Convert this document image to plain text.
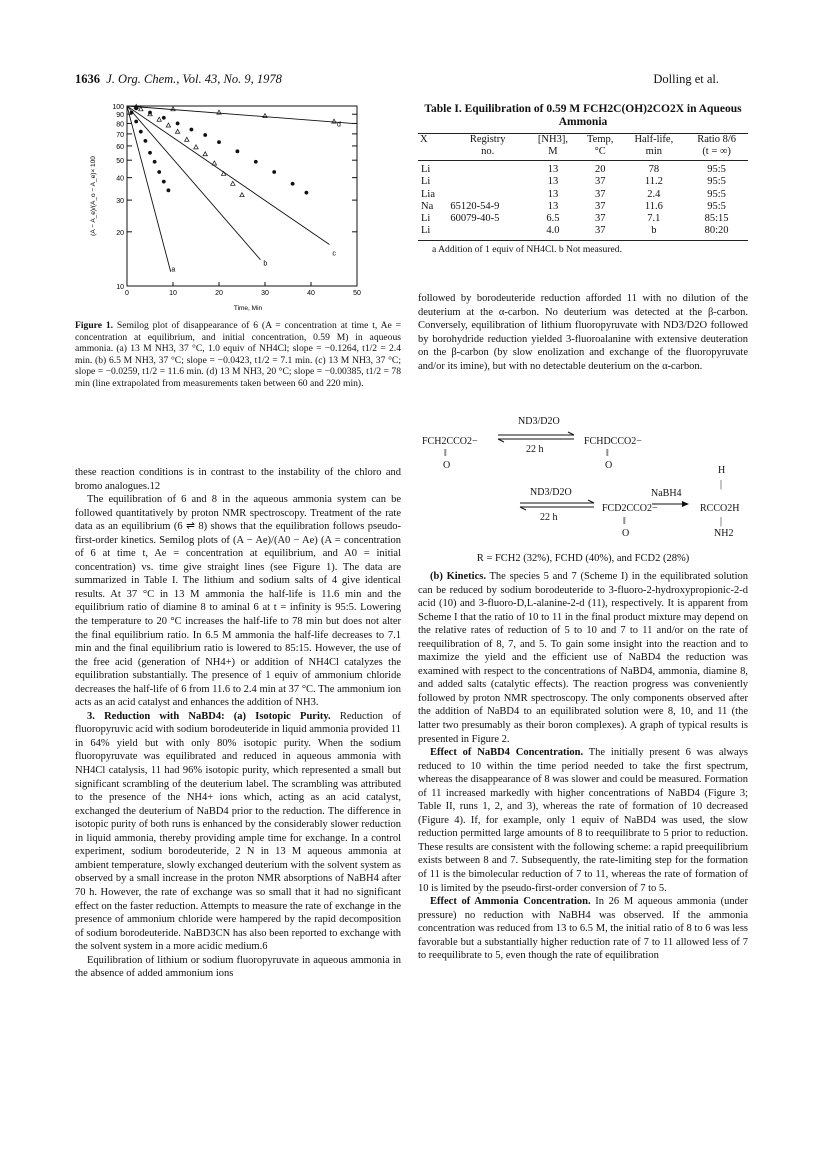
1636 J. Org. Chem., Vol. 43, No. 9, 1978	Dolling et al.
10
20
30
40
50
60
70
80
90
100
0	10	20	30	40	50
Time, Min
(A − A_e)/(A_o − A_e)× 100
a
b
c
d
Figure 1. Semilog plot of disappearance of 6 (A = concentration at time t, Ae = concentration at equilibrium, and initial concentration, 0.59 M) in aqueous ammonia. (a) 13 M NH3, 37 °C, 1.0 equiv of NH4Cl; slope = −0.1264, t1/2 = 2.4 min. (b) 6.5 M NH3, 37 °C; slope = −0.0423, t1/2 = 7.1 min. (c) 13 M NH3, 37 °C; slope = −0.0259, t1/2 = 11.6 min. (d) 13 M NH3, 20 °C; slope = −0.00385, t1/2 = 78 min (line extrapolated from measurements taken between 60 and 220 min).
Table I. Equilibration of 0.59 M FCH2C(OH)2CO2X in Aqueous Ammonia
X	Registry	[NH3],	Temp,	Half-life,	Ratio 8/6
	no.	M	°C	min	(t = ∞)
Li		13	20	78	95:5
Li		13	37	11.2	95:5
Lia		13	37	2.4	95:5
Na	65120-54-9	13	37	11.6	95:5
Li	60079-40-5	6.5	37	7.1	85:15
Li		4.0	37	b	80:20
a Addition of 1 equiv of NH4Cl. b Not measured.
ND3/D2O
FCH2CCO2−
22 h
FCHDCCO2−
‖
O
‖
O	H
ND3/D2O
22 h
FCD2CCO2−
NaBH4
|
RCCO2H
|
NH2
‖
O
R = FCH2 (32%), FCHD (40%), and FCD2 (28%)

these reaction conditions is in contrast to the instability of the chloro and bromo analogues.12

The equilibration of 6 and 8 in the aqueous ammonia system can be followed quantitatively by proton NMR spectroscopy. Treatment of the rate data as an equilibrium (6 ⇌ 8) shows that the equilibration follows pseudo-first-order kinetics. Semilog plots of (A − Ae)/(A0 − Ae) (A = concentration of 6 at time t, Ae = concentration at equilibrium, and A0 = initial concentration) vs. time give straight lines (see Figure 1). The data are summarized in Table I. The lithium and sodium salts of 4 give identical results. At 37 °C in 13 M ammonia the half-life is 11.6 min and the equilibrium ratio of diamine 8 to aminal 6 at t = infinity is 95:5. Lowering the temperature to 20 °C increases the half-life to 78 min but does not alter the final equilibrium ratio. In 6.5 M ammonia the half-life decreases to 7.1 min and the final equilibrium ratio is lowered to 85:15. However, the use of the free acid (generation of NH4+) or addition of NH4Cl catalyzes the equilibration substantially. The presence of 1 equiv of ammonium chloride decreases the half-life of 6 from 11.6 to 2.4 min at 37 °C. The ammonium ion acts as an acid catalyst and enhances the addition of NH3.

3. Reduction with NaBD4: (a) Isotopic Purity. Reduction of fluoropyruvic acid with sodium borodeuteride in liquid ammonia provided 11 in 64% yield but with only 80% isotopic purity. When the sodium fluoropyruvate was equilibrated and reduced in aqueous ammonia with NH4Cl catalysis, 11 had 96% isotopic purity, which represented a small but significant scrambling of the deuterium label. The scrambling was attributed to the presence of the NH4+ ions which, acting as an acid catalyst, exchanged the deuterium of NaBD4 prior to the reduction. The difference in isotopic purity of both runs is enhanced by the considerably slower reduction in liquid ammonia, thereby providing ample time for exchange. In a control experiment, sodium borodeuteride, 2 N in 13 M aqueous ammonia at ambient temperature, slowly exchanged deuterium with the solvent system as observed by a small increase in the proton NMR absorptions of NaBH4 after 70 h. However, the rate of exchange was so small that it had no significant effect on the faster reduction. Attempts to measure the rate of exchange in the presence of ammonium chloride were hampered by the rapid decomposition of sodium borodeuteride. NaBD3CN has also been reported to exchange with the solvent system in a more acidic medium.6

Equilibration of lithium or sodium fluoropyruvate in aqueous ammonia in the absence of added ammonium ions

followed by borodeuteride reduction afforded 11 with no dilution of the deuterium at the α-carbon. No deuterium was detected at the β-carbon. Conversely, equilibration of lithium fluoropyruvate with ND3/D2O followed by borohydride reduction yielded 3-fluoroalanine with extensive deuteration on the β-carbon (by slow enolization and exchange of the fluoropyruvate and/or its imine), but with no detectable deuterium on the α-carbon.

(b) Kinetics. The species 5 and 7 (Scheme I) in the equilibrated solution can be reduced by sodium borodeuteride to 3-fluoro-2-hydroxypropionic-2-d acid (10) and 3-fluoro-D,L-alanine-2-d (11), respectively. It is apparent from Scheme I that the ratio of 10 to 11 in the final product mixture may depend on the relative rates of reduction of 5 to 10 and 7 to 11 and/or on the rate of reequilibration of 8, 7, and 5. To gain some insight into the reaction and to maximize the yield and the efficient use of NaBD4 the reduction was examined with respect to the concentrations of NaBD4, ammonia, diamine 8, and added salts (catalytic effects). The reaction progress was conveniently followed by proton NMR spectroscopy. The only components observed after the addition of NaBD4 to an equilibrated solution were 8, 10, and 11 (the latter two presumably as their boron complexes). A graph of typical results is presented in Figure 2.

Effect of NaBD4 Concentration. The initially present 6 was always reduced to 10 within the time period needed to take the first spectrum, whereas the disappearance of 8 was slower and could be measured. Formation of 11 increased markedly with higher concentrations of NaBD4 (Figure 3; Table II, runs 1, 2, and 3), whereas the rate of formation of 10 decreased (Figure 4). If, for example, only 1 equiv of NaBD4 was used, the slow reduction permitted large amounts of 8 to reequilibrate to 5 prior to reduction. These results are consistent with the following scheme: a rapid preequilibrium exists between 8 and 7. Subsequently, the rate-limiting step for the formation of 11 is the bimolecular reduction of 7 to 11, whereas the rate of formation of 10 is limited by the pseudo-first-order conversion of 7 to 5.

Effect of Ammonia Concentration. In 26 M aqueous ammonia (under pressure) no reduction with NaBH4 was observed. If the ammonia concentration was reduced from 13 to 6.5 M, the initial ratio of 8 to 6 was less favorable but a substantially higher reduction rate of 7 to 11 allowed less of 7 to reequilibrate to 5, even though the rate of equilibration
